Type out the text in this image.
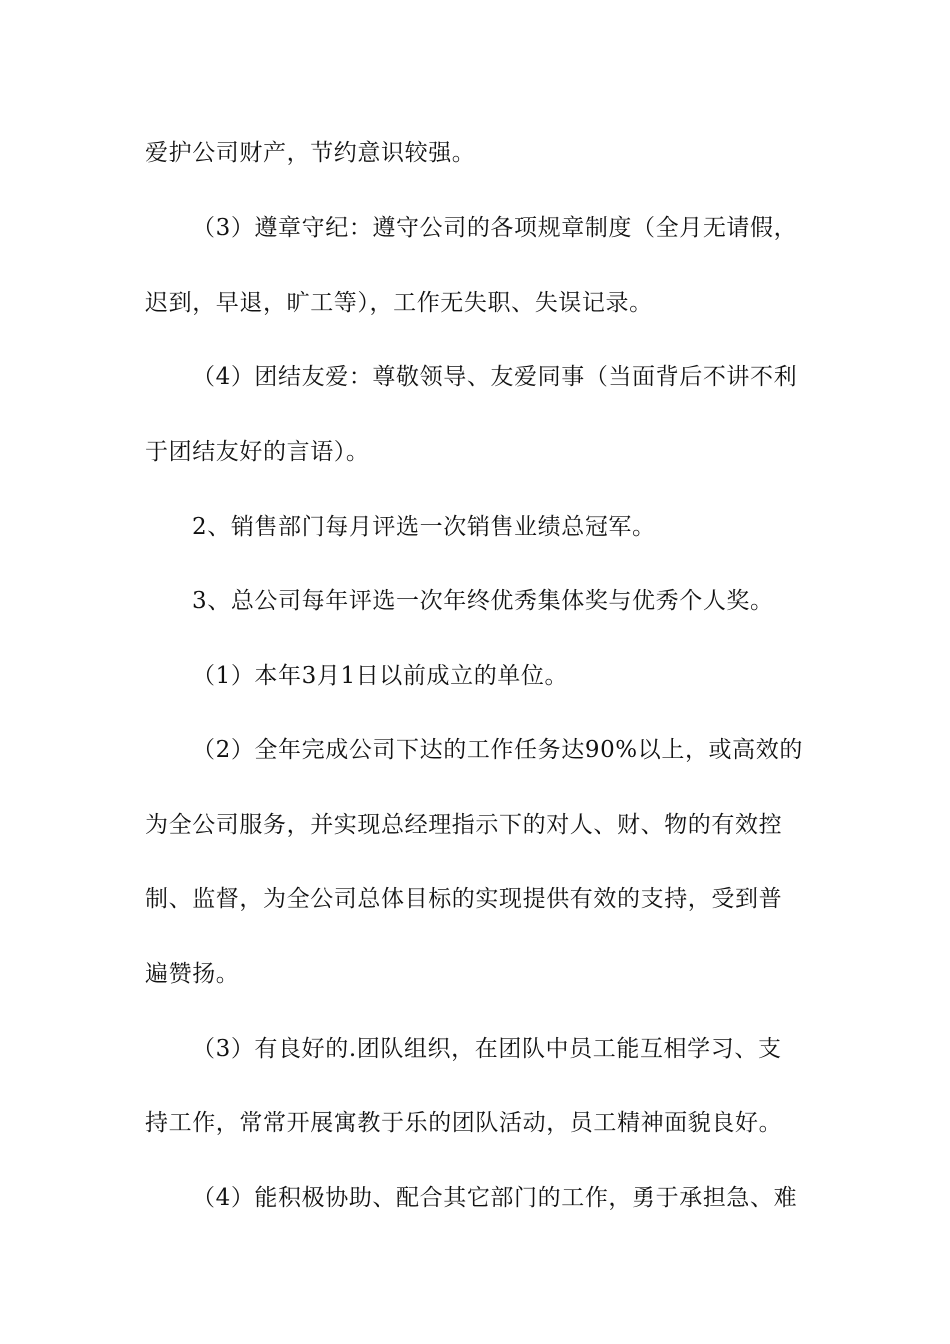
爱护公司财产，节约意识较强。
（3）遵章守纪：遵守公司的各项规章制度（全月无请假，
迟到，早退，旷工等），工作无失职、失误记录。
（4）团结友爱：尊敬领导、友爱同事（当面背后不讲不利
于团结友好的言语）。
2、销售部门每月评选一次销售业绩总冠军。
3、总公司每年评选一次年终优秀集体奖与优秀个人奖。
（1）本年3月1日以前成立的单位。
（2）全年完成公司下达的工作任务达90%以上，或高效的
为全公司服务，并实现总经理指示下的对人、财、物的有效控
制、监督，为全公司总体目标的实现提供有效的支持，受到普
遍赞扬。
（3）有良好的.团队组织，在团队中员工能互相学习、支
持工作，常常开展寓教于乐的团队活动，员工精神面貌良好。
（4）能积极协助、配合其它部门的工作，勇于承担急、难
